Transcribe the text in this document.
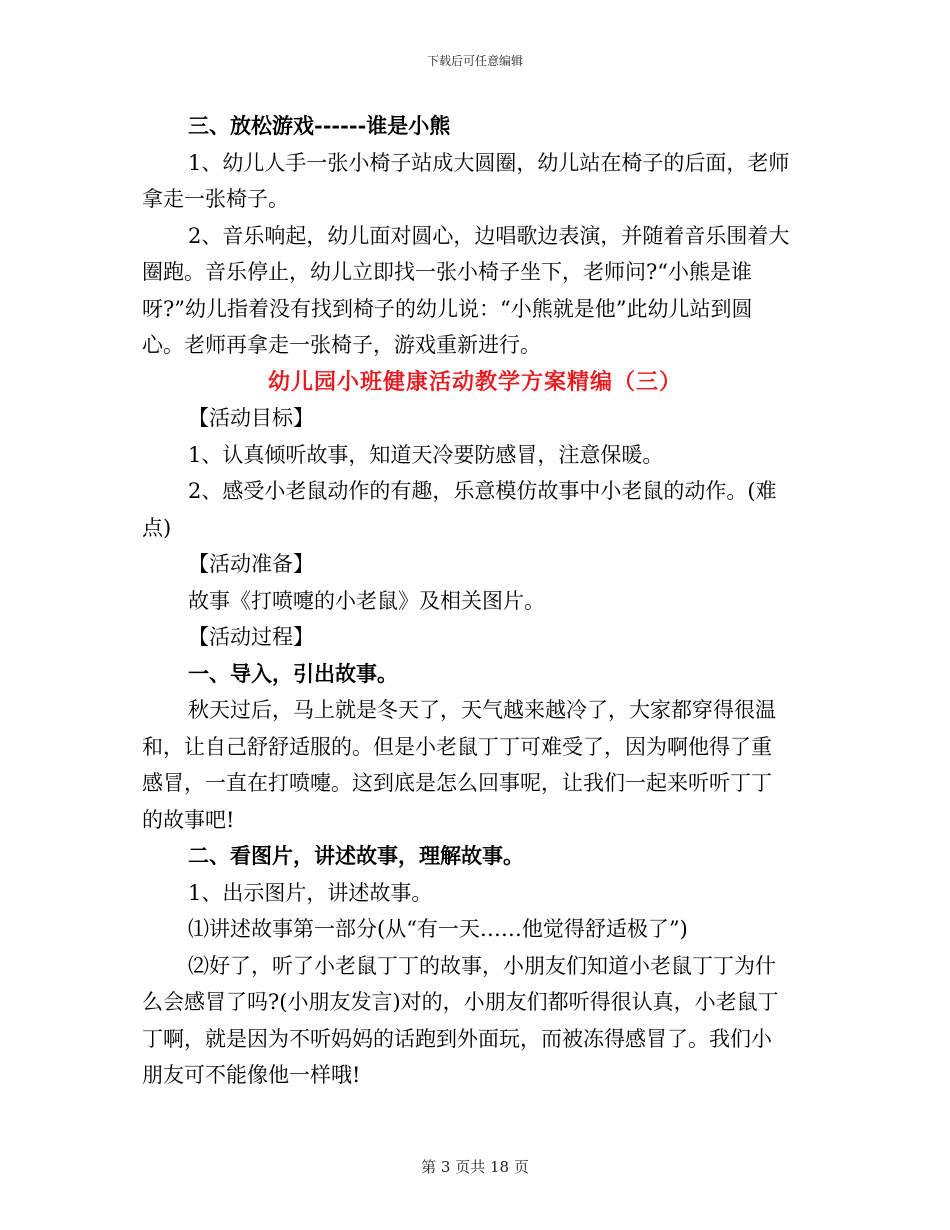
下载后可任意编辑

三、放松游戏------谁是小熊

1、幼儿人手一张小椅子站成大圆圈，幼儿站在椅子的后面，老师

拿走一张椅子。

2、音乐响起，幼儿面对圆心，边唱歌边表演，并随着音乐围着大

圈跑。音乐停止，幼儿立即找一张小椅子坐下，老师问?“小熊是谁

呀?”幼儿指着没有找到椅子的幼儿说：“小熊就是他”此幼儿站到圆

心。老师再拿走一张椅子，游戏重新进行。

幼儿园小班健康活动教学方案精编（三）

【活动目标】

1、认真倾听故事，知道天冷要防感冒，注意保暖。

2、感受小老鼠动作的有趣，乐意模仿故事中小老鼠的动作。(难

点)

【活动准备】

故事《打喷嚏的小老鼠》及相关图片。

【活动过程】

一、导入，引出故事。

秋天过后，马上就是冬天了，天气越来越冷了，大家都穿得很温

和，让自己舒舒适服的。但是小老鼠丁丁可难受了，因为啊他得了重

感冒，一直在打喷嚏。这到底是怎么回事呢，让我们一起来听听丁丁

的故事吧!

二、看图片，讲述故事，理解故事。

1、出示图片，讲述故事。

⑴讲述故事第一部分(从“有一天……他觉得舒适极了”)

⑵好了，听了小老鼠丁丁的故事，小朋友们知道小老鼠丁丁为什

么会感冒了吗?(小朋友发言)对的，小朋友们都听得很认真，小老鼠丁

丁啊，就是因为不听妈妈的话跑到外面玩，而被冻得感冒了。我们小

朋友可不能像他一样哦!

第 3 页共 18 页
